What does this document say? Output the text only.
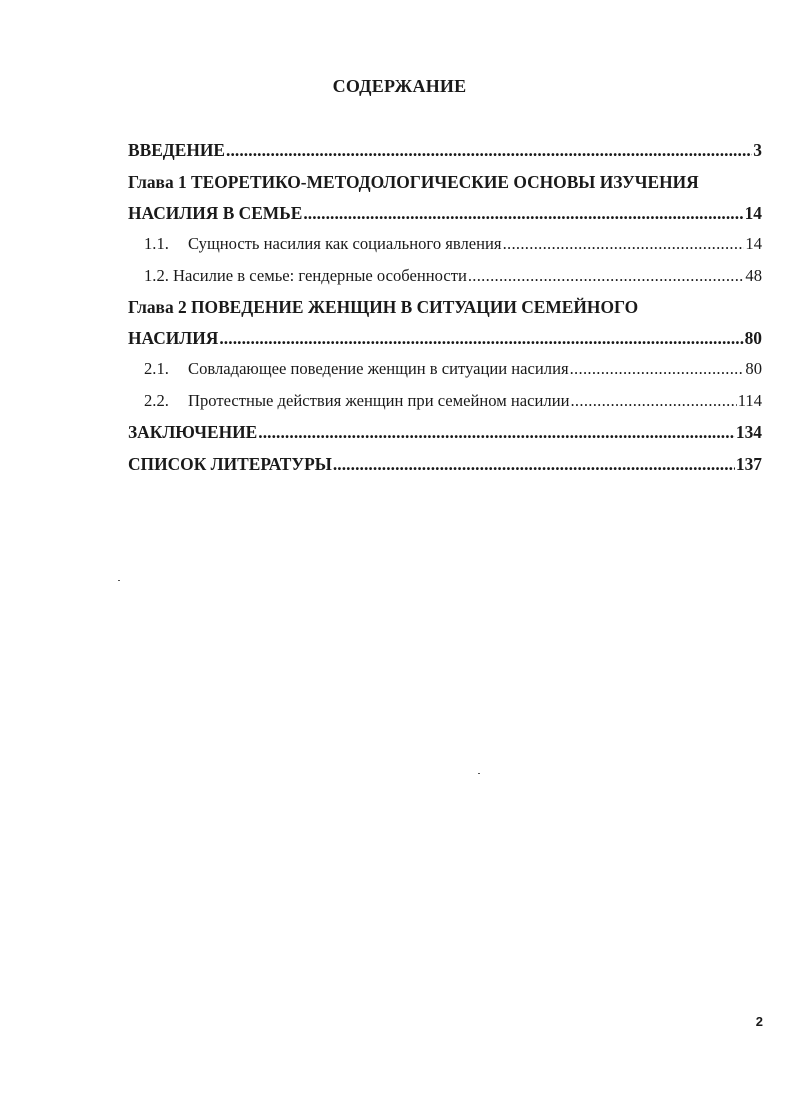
СОДЕРЖАНИЕ
ВВЕДЕНИЕ .....	3
Глава 1 ТЕОРЕТИКО-МЕТОДОЛОГИЧЕСКИЕ ОСНОВЫ ИЗУЧЕНИЯ
НАСИЛИЯ В СЕМЬЕ .....	14
1.1.	Сущность насилия как социального явления .....	14
1.2. Насилие в семье: гендерные особенности .....	48
Глава 2 ПОВЕДЕНИЕ ЖЕНЩИН В СИТУАЦИИ СЕМЕЙНОГО
НАСИЛИЯ .....	80
2.1.	Совладающее поведение женщин в ситуации насилия .....	80
2.2.	Протестные действия женщин при семейном насилии .....	114
ЗАКЛЮЧЕНИЕ .....	134
СПИСОК ЛИТЕРАТУРЫ .....	137
2
